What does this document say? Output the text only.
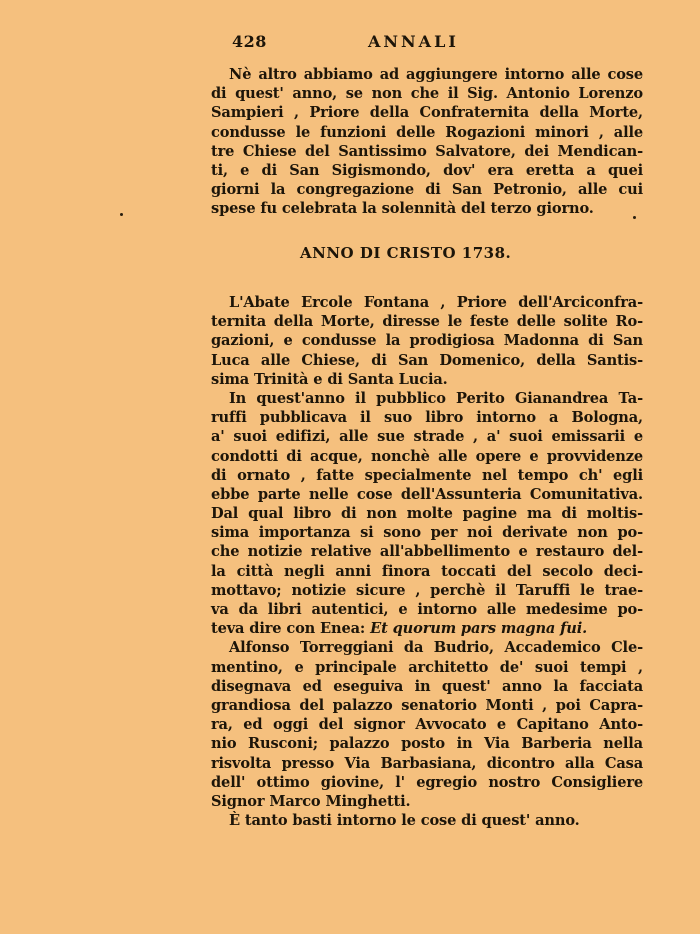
428	ANNALI
Nè altro abbiamo ad aggiungere intorno alle cose
di quest' anno, se non che il Sig. Antonio Lorenzo
Sampieri , Priore della Confraternita della Morte,
condusse le funzioni delle Rogazioni minori , alle
tre Chiese del Santissimo Salvatore, dei Mendican-
ti, e di San Sigismondo, dov' era eretta a quei
giorni la congregazione di San Petronio, alle cui
spese fu celebrata la solennità del terzo giorno.
ANNO DI CRISTO 1738.
L'Abate Ercole Fontana , Priore dell'Arciconfra-
ternita della Morte, diresse le feste delle solite Ro-
gazioni, e condusse la prodigiosa Madonna di San
Luca alle Chiese, di San Domenico, della Santis-
sima Trinità e di Santa Lucia.
In quest'anno il pubblico Perito Gianandrea Ta-
ruffi pubblicava il suo libro intorno a Bologna,
a' suoi edifizi, alle sue strade , a' suoi emissarii e
condotti di acque, nonchè alle opere e provvidenze
di ornato , fatte specialmente nel tempo ch' egli
ebbe parte nelle cose dell'Assunteria Comunitativa.
Dal qual libro di non molte pagine ma di moltis-
sima importanza si sono per noi derivate non po-
che notizie relative all'abbellimento e restauro del-
la città negli anni finora toccati del secolo deci-
mottavo; notizie sicure , perchè il Taruffi le trae-
va da libri autentici, e intorno alle medesime po-
teva dire con Enea: Et quorum pars magna fui.
Alfonso Torreggiani da Budrio, Accademico Cle-
mentino, e principale architetto de' suoi tempi ,
disegnava ed eseguiva in quest' anno la facciata
grandiosa del palazzo senatorio Monti , poi Capra-
ra, ed oggi del signor Avvocato e Capitano Anto-
nio Rusconi; palazzo posto in Via Barberia nella
risvolta presso Via Barbasiana, dicontro alla Casa
dell' ottimo giovine, l' egregio nostro Consigliere
Signor Marco Minghetti.
È tanto basti intorno le cose di quest' anno.
